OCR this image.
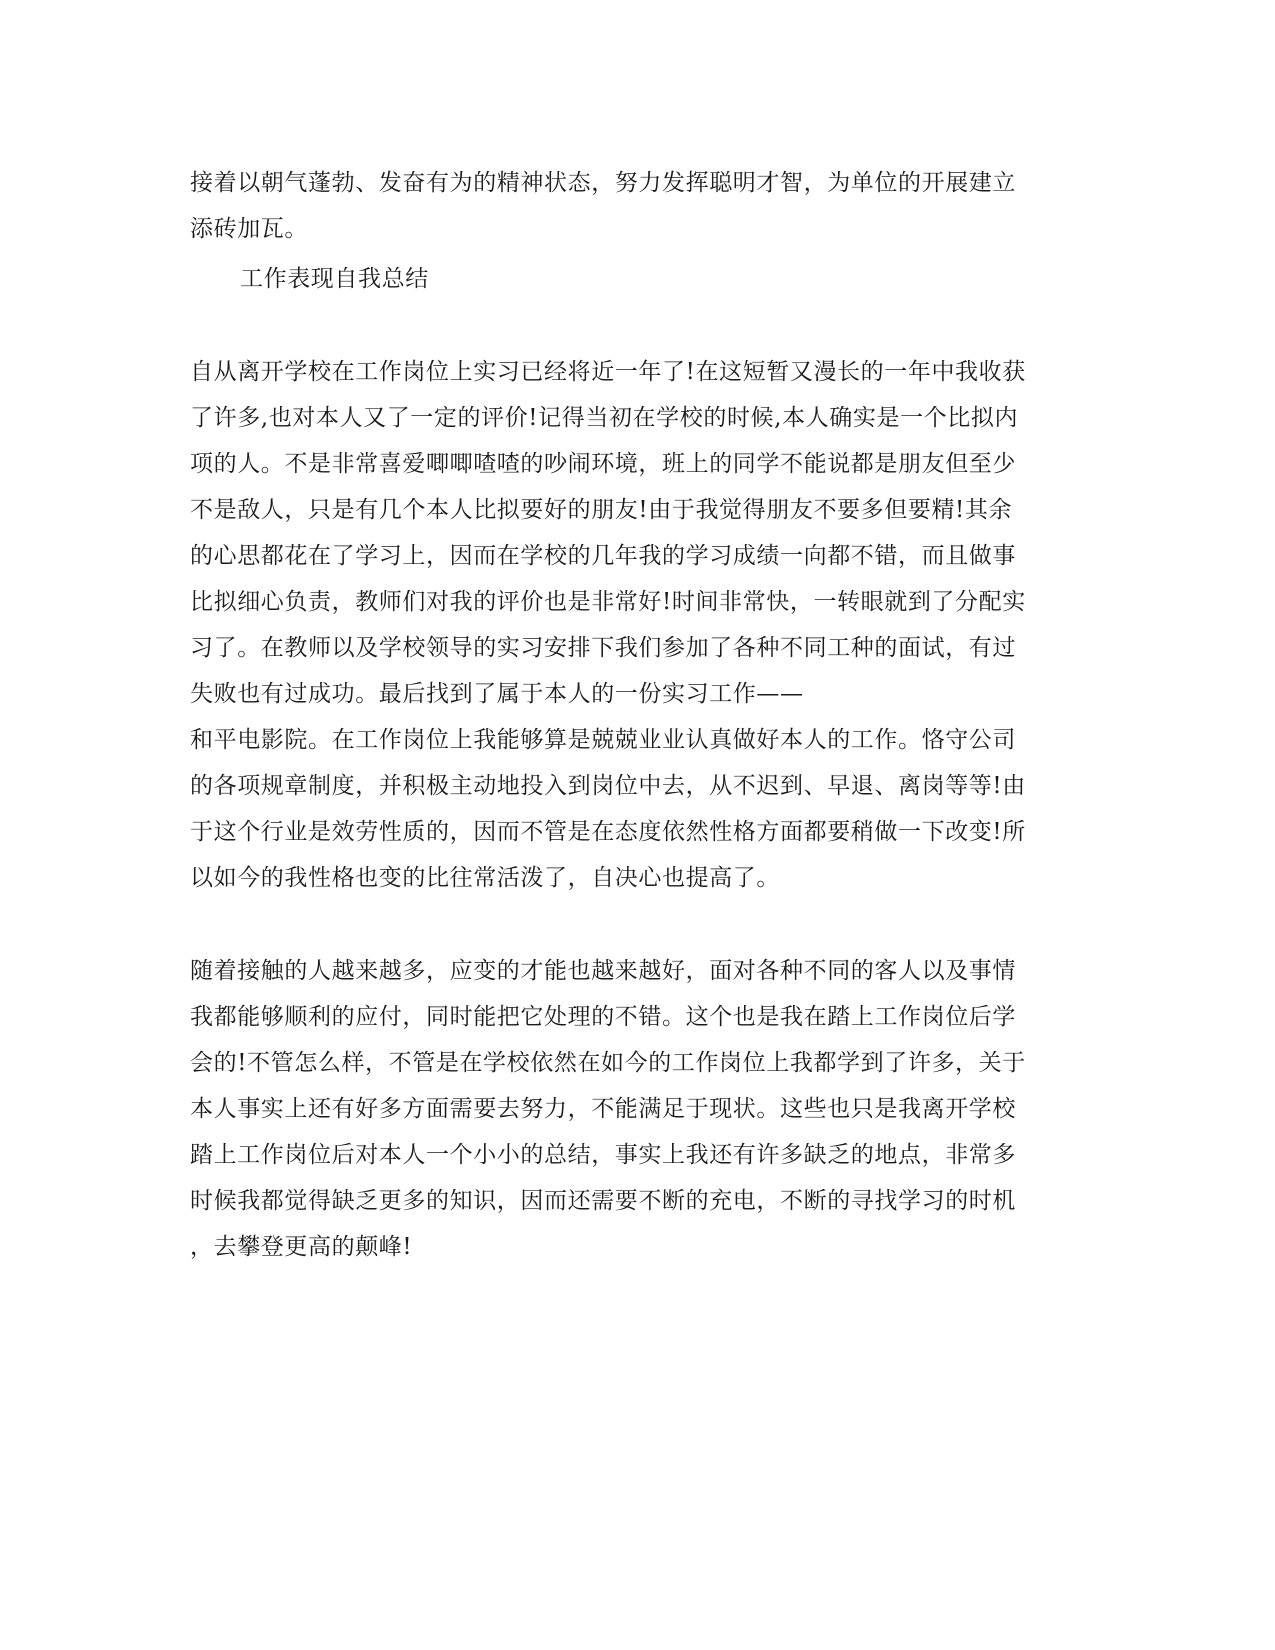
接着以朝气蓬勃、发奋有为的精神状态，努力发挥聪明才智，为单位的开展建立
添砖加瓦。
工作表现自我总结
自从离开学校在工作岗位上实习已经将近一年了!在这短暂又漫长的一年中我收获
了许多,也对本人又了一定的评价!记得当初在学校的时候,本人确实是一个比拟内
项的人。不是非常喜爱唧唧喳喳的吵闹环境，班上的同学不能说都是朋友但至少
不是敌人，只是有几个本人比拟要好的朋友!由于我觉得朋友不要多但要精!其余
的心思都花在了学习上，因而在学校的几年我的学习成绩一向都不错，而且做事
比拟细心负责，教师们对我的评价也是非常好!时间非常快，一转眼就到了分配实
习了。在教师以及学校领导的实习安排下我们参加了各种不同工种的面试，有过
失败也有过成功。最后找到了属于本人的一份实习工作——
和平电影院。在工作岗位上我能够算是兢兢业业认真做好本人的工作。恪守公司
的各项规章制度，并积极主动地投入到岗位中去，从不迟到、早退、离岗等等!由
于这个行业是效劳性质的，因而不管是在态度依然性格方面都要稍做一下改变!所
以如今的我性格也变的比往常活泼了，自决心也提高了。
随着接触的人越来越多，应变的才能也越来越好，面对各种不同的客人以及事情
我都能够顺利的应付，同时能把它处理的不错。这个也是我在踏上工作岗位后学
会的!不管怎么样，不管是在学校依然在如今的工作岗位上我都学到了许多，关于
本人事实上还有好多方面需要去努力，不能满足于现状。这些也只是我离开学校
踏上工作岗位后对本人一个小小的总结，事实上我还有许多缺乏的地点，非常多
时候我都觉得缺乏更多的知识，因而还需要不断的充电，不断的寻找学习的时机
，去攀登更高的颠峰!
